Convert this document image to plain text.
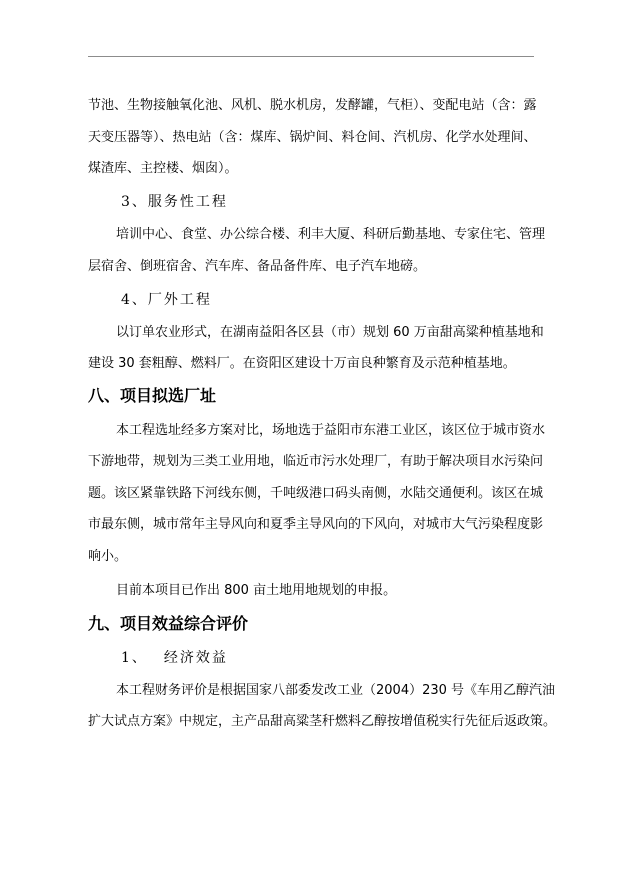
节池、生物接触氧化池、风机、脱水机房，发酵罐，气柜）、变配电站（含：露
天变压器等）、热电站（含：煤库、锅炉间、料仓间、汽机房、化学水处理间、
煤渣库、主控楼、烟囱）。
3、服务性工程
培训中心、食堂、办公综合楼、利丰大厦、科研后勤基地、专家住宅、管理
层宿舍、倒班宿舍、汽车库、备品备件库、电子汽车地磅。
4、厂外工程
以订单农业形式，在湖南益阳各区县（市）规划 60 万亩甜高粱种植基地和
建设 30 套粗醇、燃料厂。在资阳区建设十万亩良种繁育及示范种植基地。
八、项目拟选厂址
本工程选址经多方案对比，场地选于益阳市东港工业区，该区位于城市资水
下游地带，规划为三类工业用地，临近市污水处理厂，有助于解决项目水污染问
题。该区紧靠铁路下河线东侧，千吨级港口码头南侧，水陆交通便利。该区在城
市最东侧，城市常年主导风向和夏季主导风向的下风向，对城市大气污染程度影
响小。
目前本项目已作出 800 亩土地用地规划的申报。
九、项目效益综合评价
1、 经济效益
本工程财务评价是根据国家八部委发改工业（2004）230 号《车用乙醇汽油
扩大试点方案》中规定，主产品甜高粱茎秆燃料乙醇按增值税实行先征后返政策。
